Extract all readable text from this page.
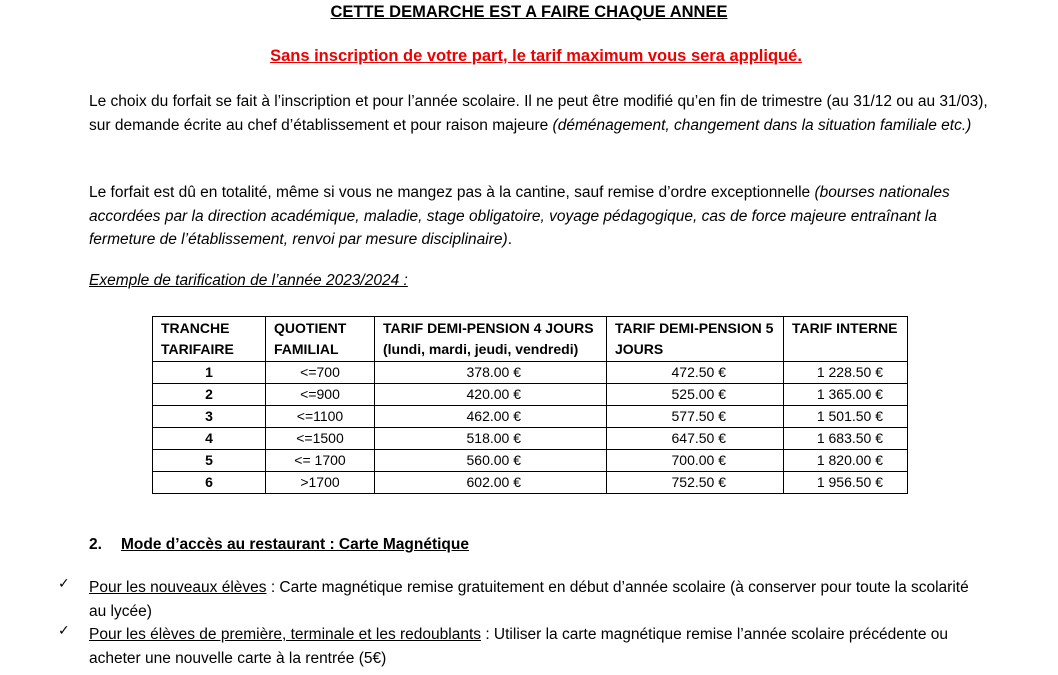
CETTE DEMARCHE EST A FAIRE CHAQUE ANNEE
Sans inscription de votre part, le tarif maximum vous sera appliqué.

Le choix du forfait se fait à l’inscription et pour l’année scolaire. Il ne peut être modifié qu’en fin de trimestre (au 31/12 ou au 31/03), sur demande écrite au chef d’établissement et pour raison majeure (déménagement, changement dans la situation familiale etc.)

Le forfait est dû en totalité, même si vous ne mangez pas à la cantine, sauf remise d’ordre exceptionnelle (bourses nationales accordées par la direction académique, maladie, stage obligatoire, voyage pédagogique, cas de force majeure entraînant la fermeture de l’établissement, renvoi par mesure disciplinaire).

Exemple de tarification de l’année 2023/2024 :
TRANCHE TARIFAIRE	QUOTIENT FAMILIAL	TARIF DEMI-PENSION 4 JOURS (lundi, mardi, jeudi, vendredi)	TARIF DEMI-PENSION 5 JOURS	TARIF INTERNE
1	<=700	378.00 €	472.50 €	1 228.50 €
2	<=900	420.00 €	525.00 €	1 365.00 €
3	<=1100	462.00 €	577.50 €	1 501.50 €
4	<=1500	518.00 €	647.50 €	1 683.50 €
5	<= 1700	560.00 €	700.00 €	1 820.00 €
6	>1700	602.00 €	752.50 €	1 956.50 €
2. Mode d’accès au restaurant : Carte Magnétique
✓ Pour les nouveaux élèves : Carte magnétique remise gratuitement en début d’année scolaire (à conserver pour toute la scolarité au lycée)
✓ Pour les élèves de première, terminale et les redoublants : Utiliser la carte magnétique remise l’année scolaire précédente ou acheter une nouvelle carte à la rentrée (5€)
